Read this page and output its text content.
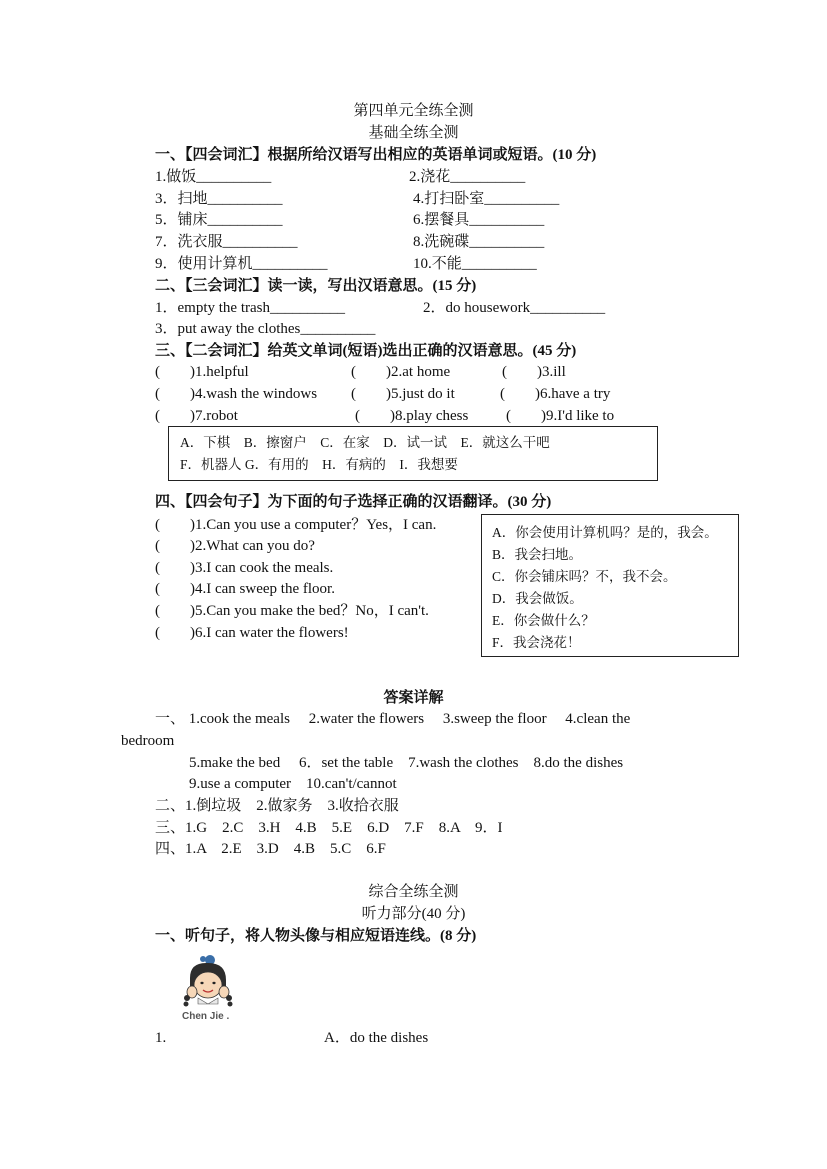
第四单元全练全测
基础全练全测
一、【四会词汇】根据所给汉语写出相应的英语单词或短语。(10 分)
1.做饭__________	2.浇花__________
3．扫地__________	4.打扫卧室__________
5．铺床__________	6.摆餐具__________
7．洗衣服__________	8.洗碗碟__________
9．使用计算机__________	10.不能__________
二、【三会词汇】读一读，写出汉语意思。(15 分)
1．empty the trash__________	2．do housework__________
3．put away the clothes__________
三、【二会词汇】给英文单词(短语)选出正确的汉语意思。(45 分)
(　　)1.helpful	(　　)2.at home	(　　)3.ill
(　　)4.wash the windows (　　)5.just do it	(　　)6.have a try
(　　)7.robot	(　　)8.play chess	(　　)9.I'd like to
A．下棋　B．擦窗户　C．在家　D．试一试　E．就这么干吧
F．机器人 G．有用的　H．有病的　I．我想要
四、【四会句子】为下面的句子选择正确的汉语翻译。(30 分)
(　　)1.Can you use a computer？Yes，I can.
(　　)2.What can you do?
(　　)3.I can cook the meals.
(　　)4.I can sweep the floor.
(　　)5.Can you make the bed？No，I can't.
(　　)6.I can water the flowers!
A．你会使用计算机吗？是的，我会。
B．我会扫地。
C．你会铺床吗？不，我不会。
D．我会做饭。
E．你会做什么？
F．我会浇花！
答案详解
一、 1.cook the meals　 2.water the flowers　 3.sweep the floor　 4.clean the
bedroom
5.make the bed　 6．set the table　7.wash the clothes　8.do the dishes
9.use a computer　10.can't/cannot
二、1.倒垃圾　2.做家务　3.收拾衣服
三、1.G　2.C　3.H　4.B　5.E　6.D　7.F　8.A　9．I
四、1.A　2.E　3.D　4.B　5.C　6.F
综合全练全测
听力部分(40 分)
一、听句子，将人物头像与相应短语连线。(8 分)
Chen Jie .
1.	A．do the dishes
